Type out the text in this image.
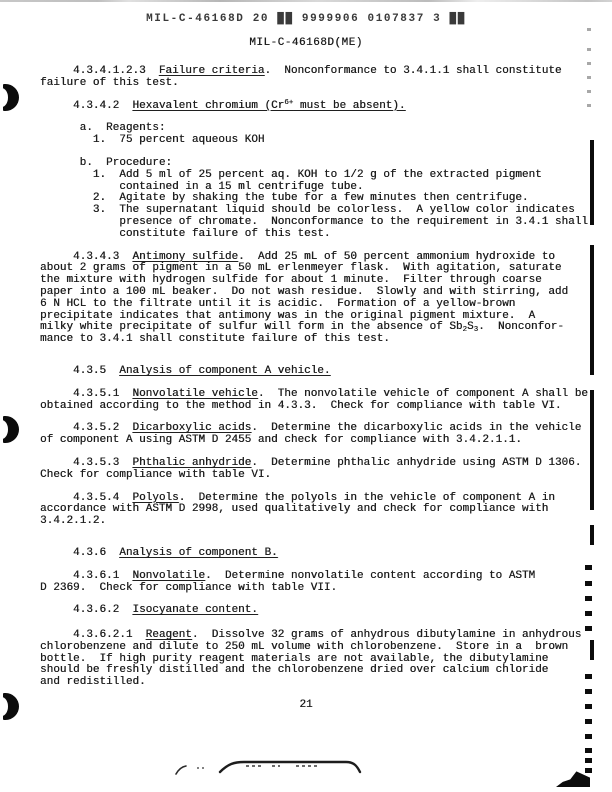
MIL-C-46168D 20 ██ 9999906 0107837 3 ██
MIL-C-46168D(ME)
4.3.4.1.2.3  Failure criteria.  Nonconformance to 3.4.1.1 shall constitute
failure of this test.
4.3.4.2  Hexavalent chromium ($Cr^{6+}$ must be absent).
a.  Reagents:
1.  75 percent aqueous KOH
b.  Procedure:
1.  Add 5 ml of 25 percent aq. KOH to 1/2 g of the extracted pigment
contained in a 15 ml centrifuge tube.
2.  Agitate by shaking the tube for a few minutes then centrifuge.
3.  The supernatant liquid should be colorless.  A yellow color indicates
presence of chromate.  Nonconformance to the requirement in 3.4.1 shall
constitute failure of this test.
4.3.4.3  Antimony sulfide.  Add 25 mL of 50 percent ammonium hydroxide to
about 2 grams of pigment in a 50 mL erlenmeyer flask.  With agitation, saturate
the mixture with hydrogen sulfide for about 1 minute.  Filter through coarse
paper into a 100 mL beaker.  Do not wash residue.  Slowly and with stirring, add
6 N HCL to the filtrate until it is acidic.  Formation of a yellow-brown
precipitate indicates that antimony was in the original pigment mixture.  A
milky white precipitate of sulfur will form in the absence of $Sb_2S_3$.  Nonconfor-
mance to 3.4.1 shall constitute failure of this test.
4.3.5  Analysis of component A vehicle.
4.3.5.1  Nonvolatile vehicle.  The nonvolatile vehicle of component A shall be
obtained according to the method in 4.3.3.  Check for compliance with table VI.
4.3.5.2  Dicarboxylic acids.  Determine the dicarboxylic acids in the vehicle
of component A using ASTM D 2455 and check for compliance with 3.4.2.1.1.
4.3.5.3  Phthalic anhydride.  Determine phthalic anhydride using ASTM D 1306.
Check for compliance with table VI.
4.3.5.4  Polyols.  Determine the polyols in the vehicle of component A in
accordance with ASTM D 2998, used qualitatively and check for compliance with
3.4.2.1.2.
4.3.6  Analysis of component B.
4.3.6.1  Nonvolatile.  Determine nonvolatile content according to ASTM
D 2369.  Check for compliance with table VII.
4.3.6.2  Isocyanate content.
4.3.6.2.1  Reagent.  Dissolve 32 grams of anhydrous dibutylamine in anhydrous
chlorobenzene and dilute to 250 mL volume with chlorobenzene.  Store in a  brown
bottle.  If high purity reagent materials are not available, the dibutylamine
should be freshly distilled and the chlorobenzene dried over calcium chloride
and redistilled.
21
